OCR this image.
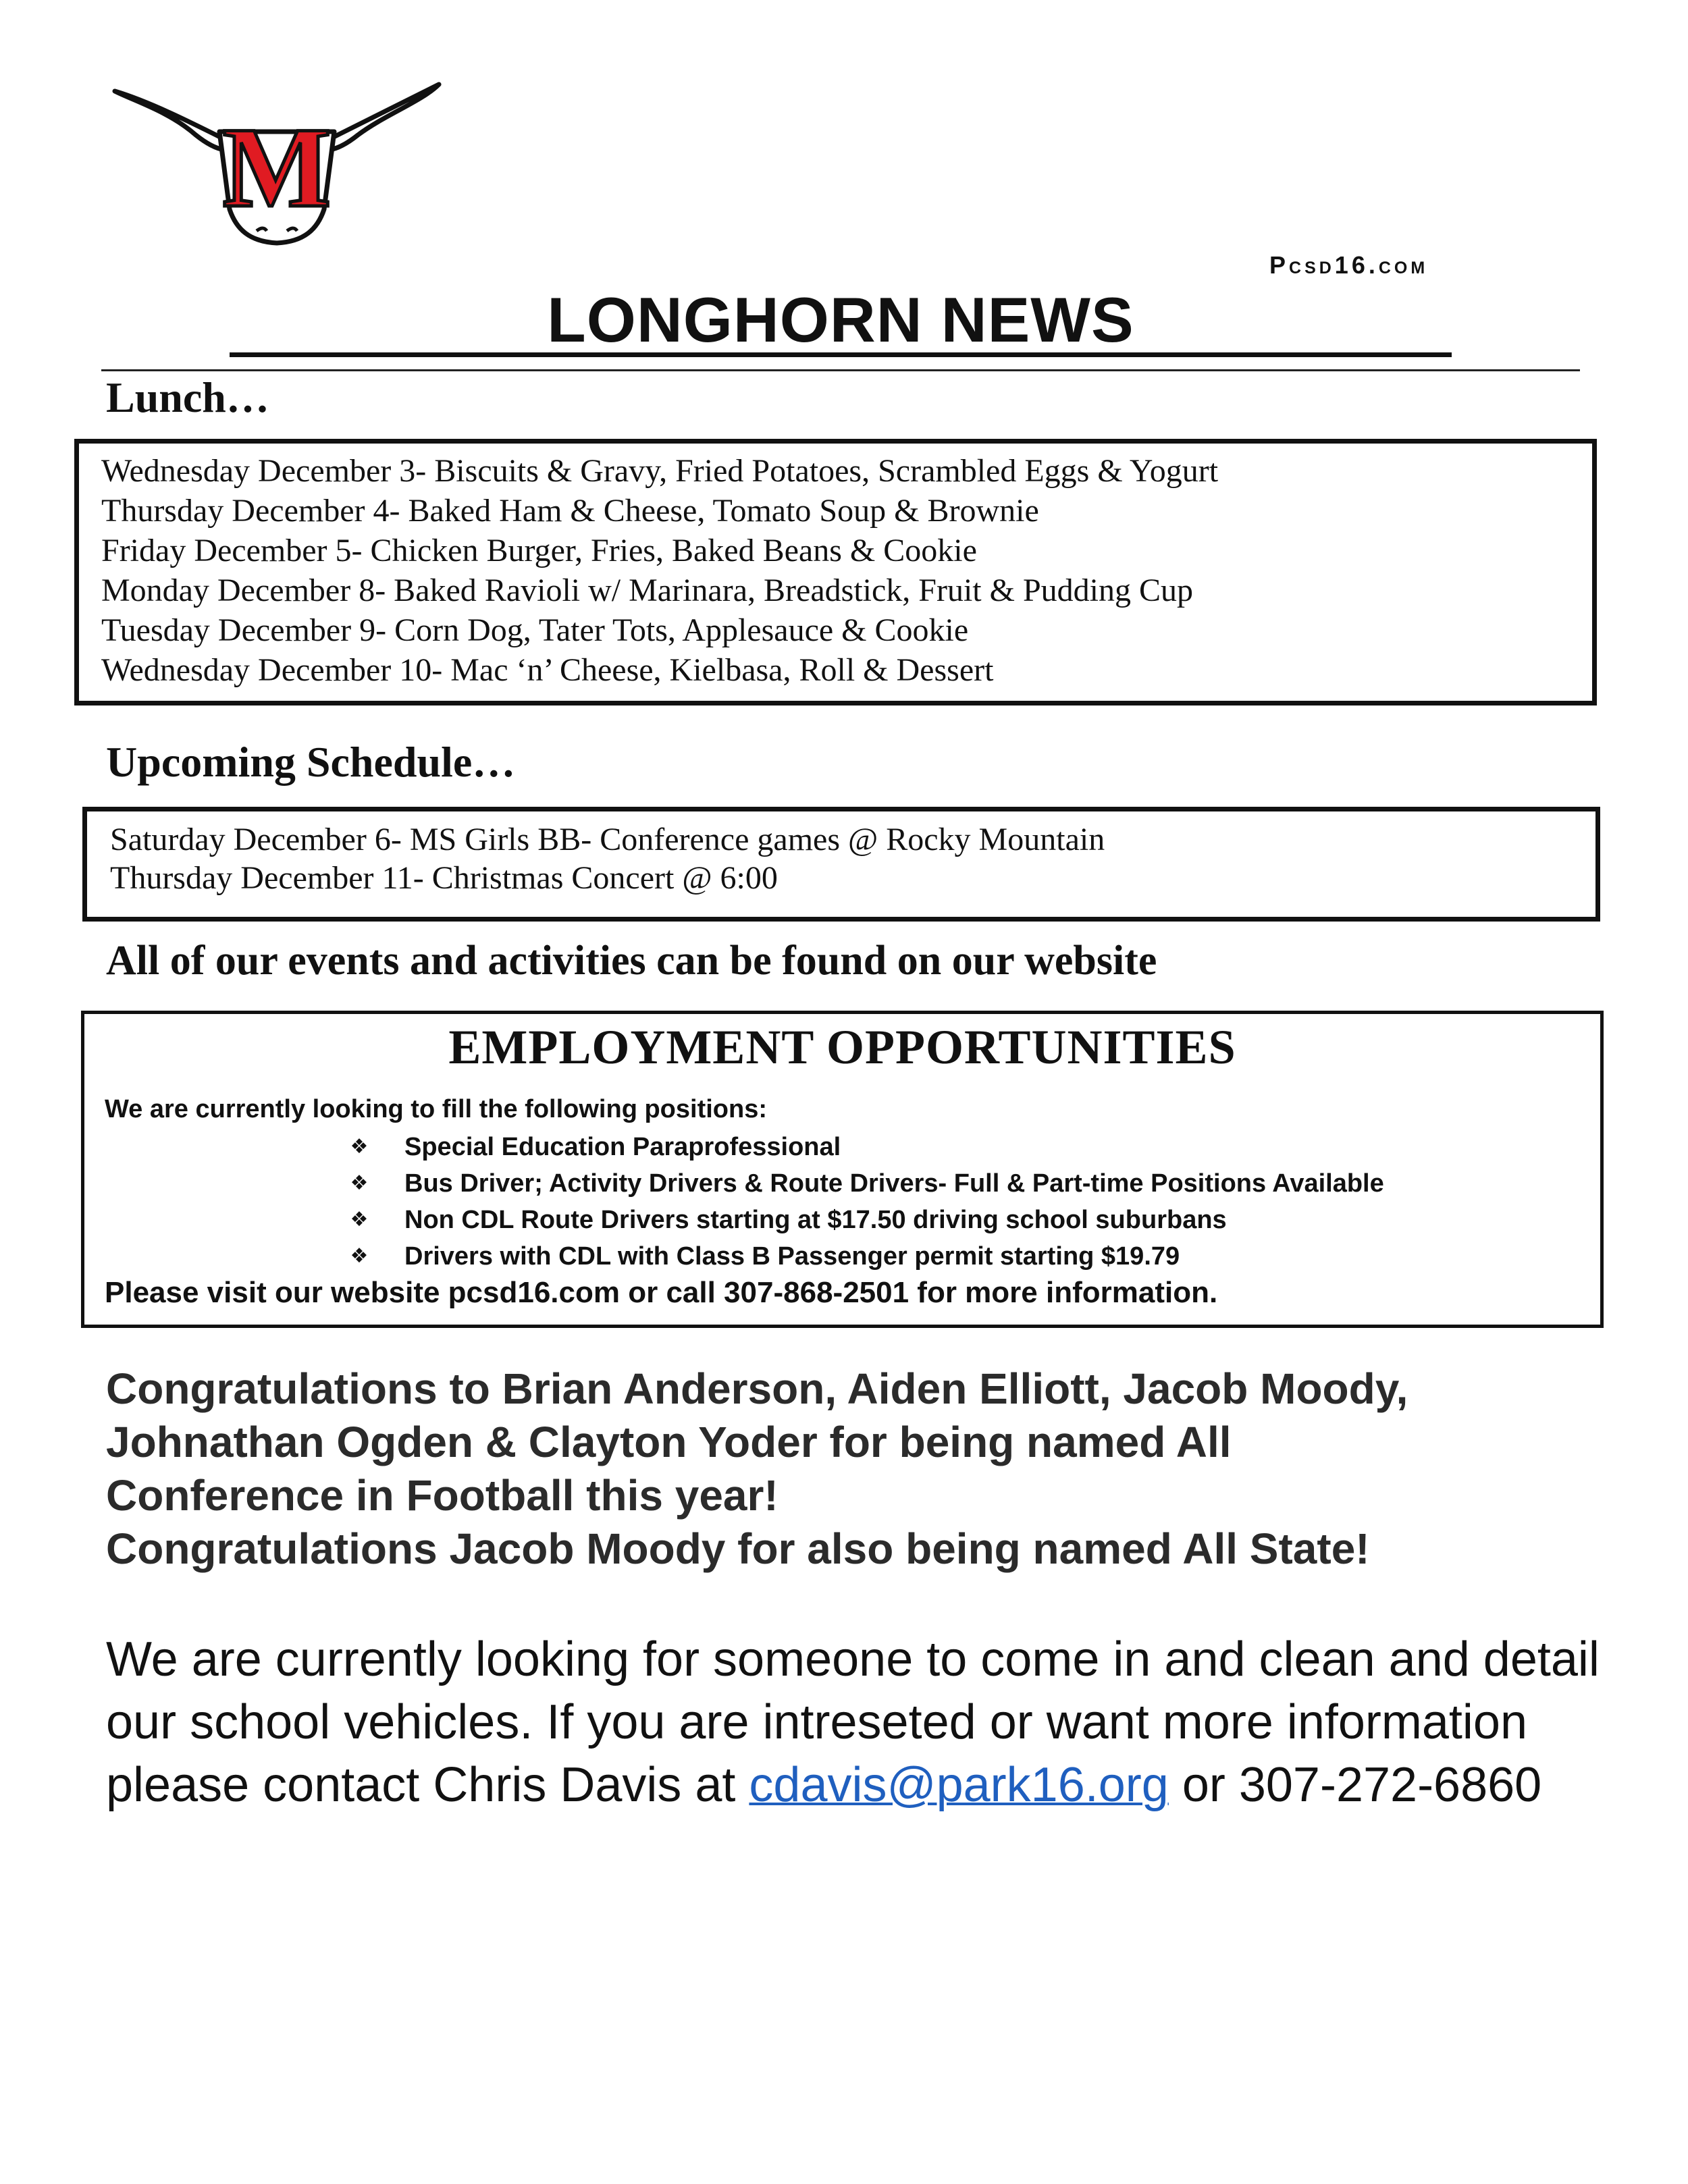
M
Pcsd16.com
LONGHORN NEWS
Lunch…
Wednesday December 3- Biscuits & Gravy, Fried Potatoes, Scrambled Eggs & Yogurt
Thursday December 4- Baked Ham & Cheese, Tomato Soup & Brownie
Friday December 5- Chicken Burger, Fries, Baked Beans & Cookie
Monday December 8- Baked Ravioli w/ Marinara, Breadstick, Fruit & Pudding Cup
Tuesday December 9- Corn Dog, Tater Tots, Applesauce & Cookie
Wednesday December 10- Mac ‘n’ Cheese, Kielbasa, Roll & Dessert
Upcoming Schedule…
Saturday December 6- MS Girls BB- Conference games @ Rocky Mountain
Thursday December 11- Christmas Concert @ 6:00
All of our events and activities can be found on our website
EMPLOYMENT OPPORTUNITIES
We are currently looking to fill the following positions:
❖ Special Education Paraprofessional
❖ Bus Driver; Activity Drivers & Route Drivers- Full & Part-time Positions Available
❖ Non CDL Route Drivers starting at $17.50 driving school suburbans
❖ Drivers with CDL with Class B Passenger permit starting $19.79
Please visit our website pcsd16.com or call 307-868-2501 for more information.
Congratulations to Brian Anderson, Aiden Elliott, Jacob Moody,
Johnathan Ogden & Clayton Yoder for being named All
Conference in Football this year!
Congratulations Jacob Moody for also being named All State!
We are currently looking for someone to come in and clean and detail
our school vehicles. If you are intreseted or want more information
please contact Chris Davis at cdavis@park16.org or 307-272-6860
